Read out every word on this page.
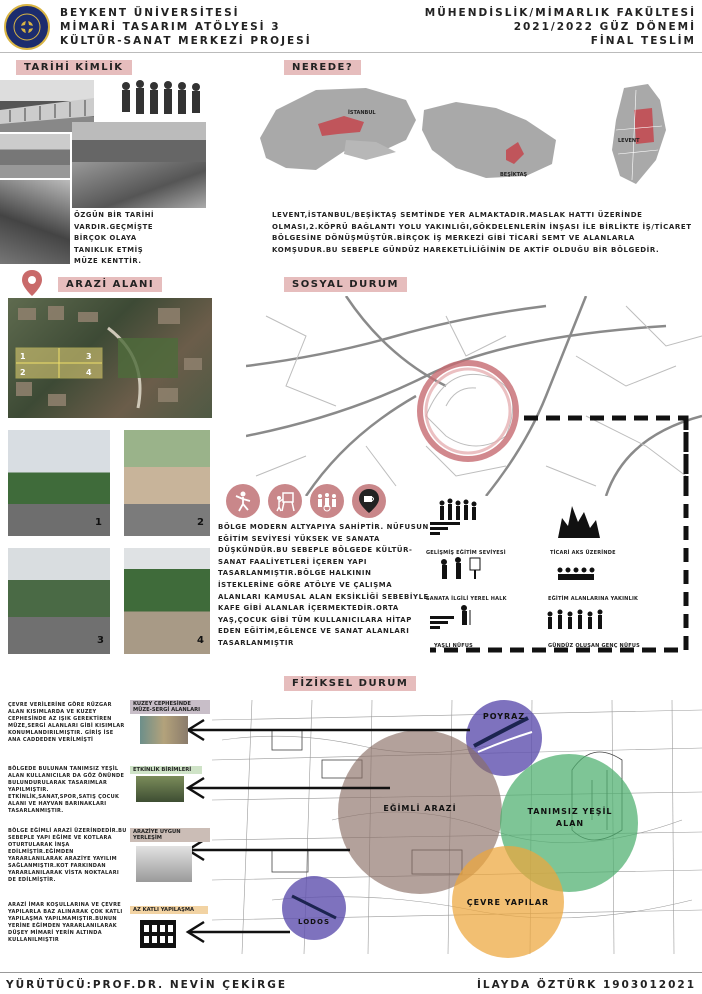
BEYKENT ÜNİVERSİTESİ
MİMARİ TASARIM ATÖLYESİ 3
KÜLTÜR-SANAT MERKEZİ PROJESİ
MÜHENDİSLİK/MİMARLIK FAKÜLTESİ
2021/2022 GÜZ DÖNEMİ
FİNAL TESLİM
TARİHİ KİMLİK
ÖZGÜN BİR TARİHİ VARDIR.GEÇMİŞTE BİRÇOK OLAYA TANIKLIK ETMİŞ MÜZE KENTTİR.
NEREDE?
İSTANBUL
BEŞİKTAŞ
LEVENT
LEVENT,İSTANBUL/BEŞİKTAŞ SEMTİNDE YER ALMAKTADIR.MASLAK HATTI ÜZERİNDE OLMASI,2.KÖPRÜ BAĞLANTI YOLU YAKINLIĞI,GÖKDELENLERİN İNŞASI İLE BİRLİKTE İŞ/TİCARET BÖLGESİNE DÖNÜŞMÜŞTÜR.BİRÇOK İŞ MERKEZİ GİBİ TİCARİ SEMT VE ALANLARLA KOMŞUDUR.BU SEBEPLE GÜNDÜZ HAREKETLİLİĞİNİN DE AKTİF OLDUĞU BİR BÖLGEDİR.
ARAZİ ALANI
1	3
2	4
1	2
3	4
SOSYAL DURUM
BÖLGE MODERN ALTYAPIYA SAHİPTİR. NÜFUSUN EĞİTİM SEVİYESİ YÜKSEK VE SANATA DÜŞKÜNDÜR.BU SEBEPLE BÖLGEDE KÜLTÜR-SANAT FAALİYETLERİ İÇEREN YAPI TASARLANMIŞTIR.BÖLGE HALKININ İSTEKLERİNE GÖRE ATÖLYE VE ÇALIŞMA ALANLARI KAMUSAL ALAN EKSİKLİĞİ SEBEBİYLE KAFE GİBİ ALANLAR İÇERMEKTEDİR.ORTA YAŞ,ÇOCUK GİBİ TÜM KULLANICILARA HİTAP EDEN EĞİTİM,EĞLENCE VE SANAT ALANLARI TASARLANMIŞTIR
GELİŞMİŞ EĞİTİM SEVİYESİ	TİCARİ AKS ÜZERİNDE
SANATA İLGİLİ YEREL HALK	EĞİTİM ALANLARINA YAKINLIK
YAŞLI NÜFUS	GÜNDÜZ OLUŞAN GENÇ NÜFUS
FİZİKSEL DURUM
POYRAZ
EĞİMLİ ARAZİ	TANIMSIZ YEŞİL ALAN
ÇEVRE YAPILAR
LODOS
KUZEY CEPHESİNDE MÜZE-SERGİ ALANLARI
ETKİNLİK BİRİMLERİ
ARAZİYE UYGUN YERLEŞİM
AZ KATLI YAPILAŞMA
ÇEVRE VERİLERİNE GÖRE RÜZGAR ALAN KISIMLARDA VE KUZEY CEPHESİNDE AZ IŞIK GEREKTİREN MÜZE,SERGİ ALANLARI GİBİ KISIMLAR KONUMLANDIRILMIŞTIR. GİRİŞ İSE ANA CADDEDEN VERİLMİŞTİ
BÖLGEDE BULUNAN TANIMSIZ YEŞİL ALAN KULLANICILAR DA GÖZ ÖNÜNDE BULUNDURULARAK TASARIMLAR YAPILMIŞTIR. ETKİNLİK,SANAT,SPOR,SATIŞ ÇOCUK ALANI VE HAYVAN BARINAKLARI TASARLANMIŞTIR.
BÖLGE EĞİMLİ ARAZİ ÜZERİNDEDİR.BU SEBEPLE YAPI EĞİME VE KOTLARA OTURTULARAK İNŞA EDİLMİŞTİR.EĞİMDEN YARARLANILARAK ARAZİYE YAYILIM SAĞLANMIŞTIR.KOT FARKINDAN YARARLANILARAK VİSTA NOKTALARI DE EDİLMİŞTİR.
ARAZİ İMAR KOŞULLARINA VE ÇEVRE YAPILARLA BAZ ALINARAK ÇOK KATLI YAPILAŞMA YAPILMAMIŞTIR.BUNUN YERİNE EĞİMDEN YARARLANILARAK DÜŞEY MİMARİ YERİN ALTINDA KULLANILMIŞTIR
YÜRÜTÜCÜ:PROF.DR. NEVİN ÇEKİRGE	İLAYDA ÖZTÜRK 1903012021
